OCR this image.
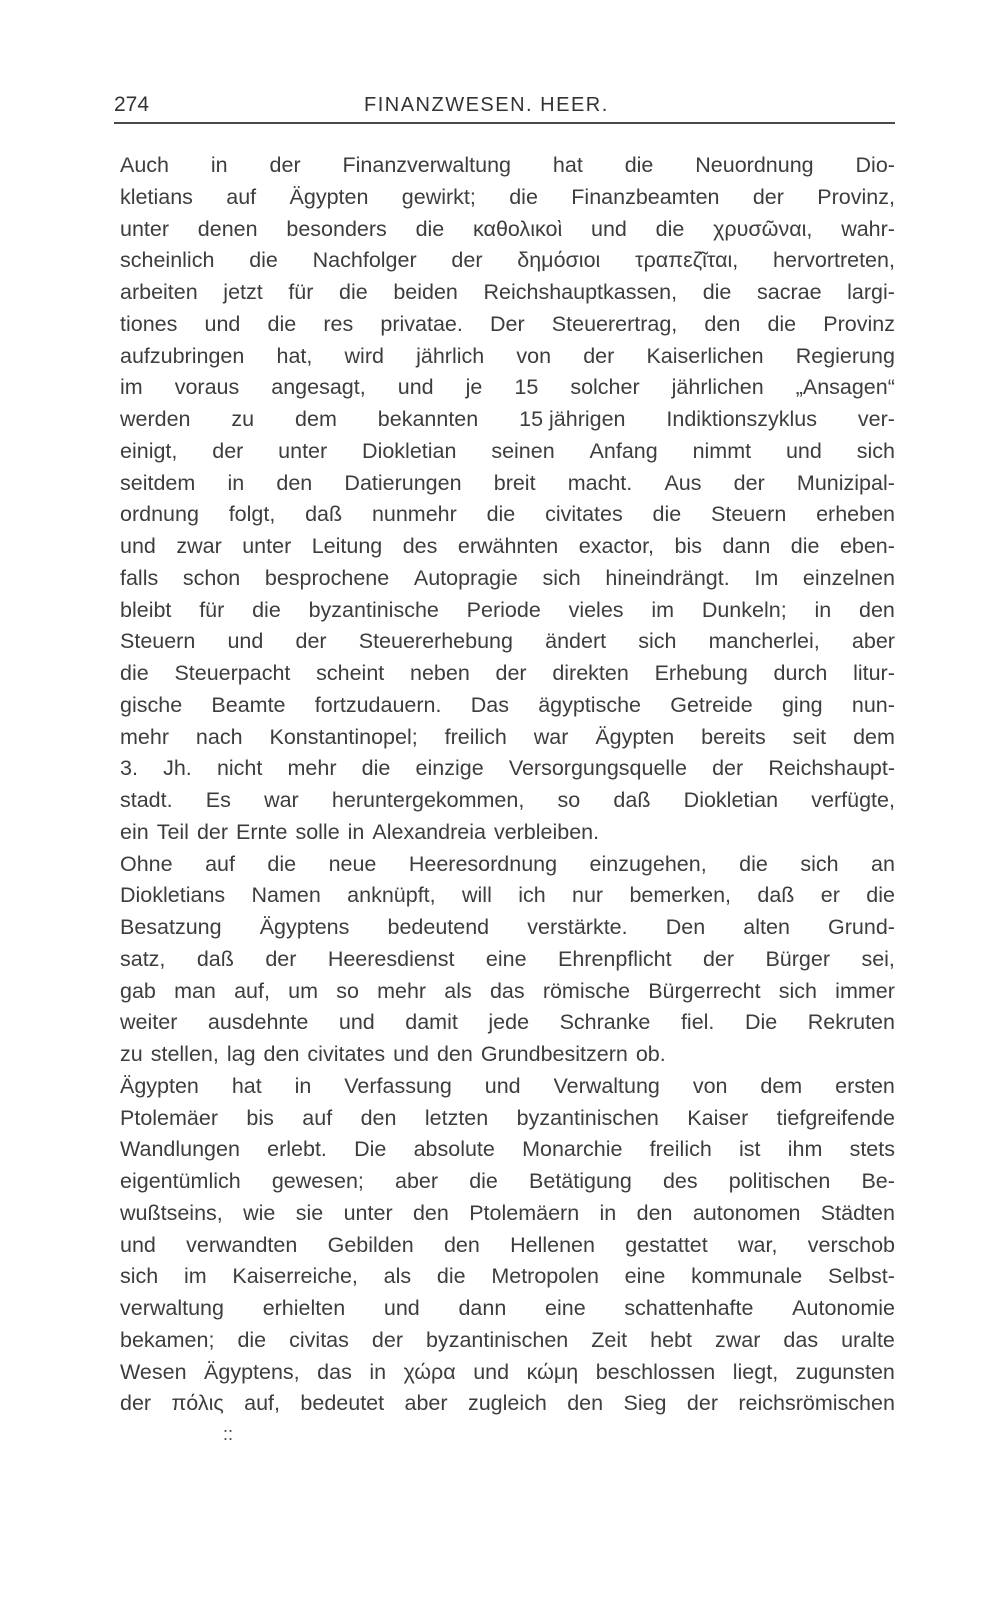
274	FINANZWESEN. HEER.
Auch in der Finanzverwaltung hat die Neuordnung Dio-
kletians auf Ägypten gewirkt; die Finanzbeamten der Provinz,
unter denen besonders die καθολικοὶ und die χρυσῶναι, wahr-
scheinlich die Nachfolger der δημόσιοι τραπεζῖται, hervortreten,
arbeiten jetzt für die beiden Reichshauptkassen, die sacrae largi-
tiones und die res privatae. Der Steuerertrag, den die Provinz
aufzubringen hat, wird jährlich von der Kaiserlichen Regierung
im voraus angesagt, und je 15 solcher jährlichen „Ansagen“
werden zu dem bekannten 15 jährigen Indiktionszyklus ver-
einigt, der unter Diokletian seinen Anfang nimmt und sich
seitdem in den Datierungen breit macht. Aus der Munizipal-
ordnung folgt, daß nunmehr die civitates die Steuern erheben
und zwar unter Leitung des erwähnten exactor, bis dann die eben-
falls schon besprochene Autopragie sich hineindrängt. Im einzelnen
bleibt für die byzantinische Periode vieles im Dunkeln; in den
Steuern und der Steuererhebung ändert sich mancherlei, aber
die Steuerpacht scheint neben der direkten Erhebung durch litur-
gische Beamte fortzudauern. Das ägyptische Getreide ging nun-
mehr nach Konstantinopel; freilich war Ägypten bereits seit dem
3. Jh. nicht mehr die einzige Versorgungsquelle der Reichshaupt-
stadt. Es war heruntergekommen, so daß Diokletian verfügte,
ein Teil der Ernte solle in Alexandreia verbleiben.
Ohne auf die neue Heeresordnung einzugehen, die sich an
Diokletians Namen anknüpft, will ich nur bemerken, daß er die
Besatzung Ägyptens bedeutend verstärkte. Den alten Grund-
satz, daß der Heeresdienst eine Ehrenpflicht der Bürger sei,
gab man auf, um so mehr als das römische Bürgerrecht sich immer
weiter ausdehnte und damit jede Schranke fiel. Die Rekruten
zu stellen, lag den civitates und den Grundbesitzern ob.
Ägypten hat in Verfassung und Verwaltung von dem ersten
Ptolemäer bis auf den letzten byzantinischen Kaiser tiefgreifende
Wandlungen erlebt. Die absolute Monarchie freilich ist ihm stets
eigentümlich gewesen; aber die Betätigung des politischen Be-
wußtseins, wie sie unter den Ptolemäern in den autonomen Städten
und verwandten Gebilden den Hellenen gestattet war, verschob
sich im Kaiserreiche, als die Metropolen eine kommunale Selbst-
verwaltung erhielten und dann eine schattenhafte Autonomie
bekamen; die civitas der byzantinischen Zeit hebt zwar das uralte
Wesen Ägyptens, das in χώρα und κώμη beschlossen liegt, zugunsten
der πόλις auf, bedeutet aber zugleich den Sieg der reichsrömischen
::
